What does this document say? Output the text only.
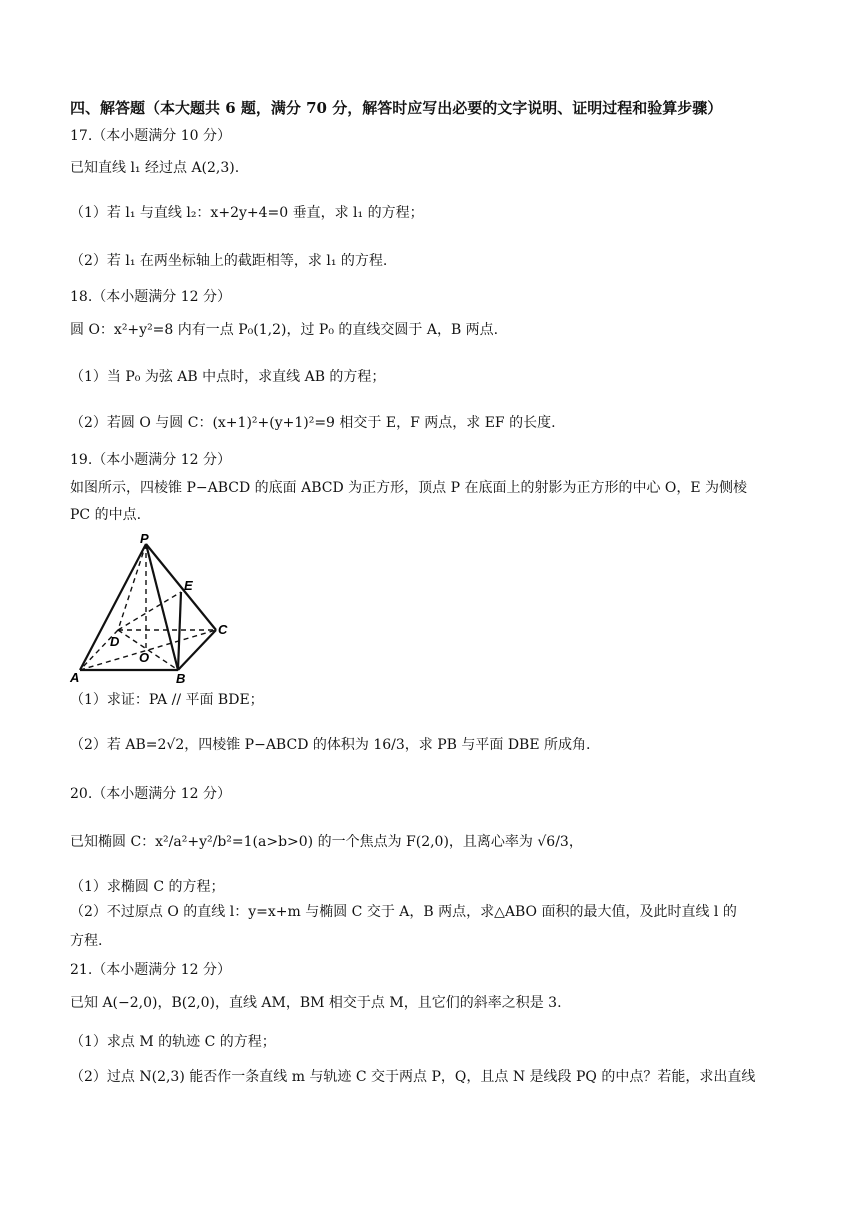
四、解答题（本大题共 6 题，满分 70 分，解答时应写出必要的文字说明、证明过程和验算步骤）
17.（本小题满分 10 分）
已知直线 l₁ 经过点 A(2,3).
（1）若 l₁ 与直线 l₂：x+2y+4=0 垂直，求 l₁ 的方程；
（2）若 l₁ 在两坐标轴上的截距相等，求 l₁ 的方程.
18.（本小题满分 12 分）
圆 O：x²+y²=8 内有一点 P₀(1,2)，过 P₀ 的直线交圆于 A，B 两点.
（1）当 P₀ 为弦 AB 中点时，求直线 AB 的方程；
（2）若圆 O 与圆 C：(x+1)²+(y+1)²=9 相交于 E，F 两点，求 EF 的长度.
19.（本小题满分 12 分）
如图所示，四棱锥 P−ABCD 的底面 ABCD 为正方形，顶点 P 在底面上的射影为正方形的中心 O，E 为侧棱
PC 的中点.
P
E
C
D
O
A	B
（1）求证：PA // 平面 BDE；
（2）若 AB=2√2，四棱锥 P−ABCD 的体积为 16/3，求 PB 与平面 DBE 所成角.
20.（本小题满分 12 分）
已知椭圆 C：x²/a²+y²/b²=1(a>b>0) 的一个焦点为 F(2,0)，且离心率为 √6/3，
（1）求椭圆 C 的方程；
（2）不过原点 O 的直线 l：y=x+m 与椭圆 C 交于 A，B 两点，求△ABO 面积的最大值，及此时直线 l 的
方程.
21.（本小题满分 12 分）
已知 A(−2,0)，B(2,0)，直线 AM，BM 相交于点 M，且它们的斜率之积是 3.
（1）求点 M 的轨迹 C 的方程；
（2）过点 N(2,3) 能否作一条直线 m 与轨迹 C 交于两点 P，Q，且点 N 是线段 PQ 的中点？若能，求出直线
